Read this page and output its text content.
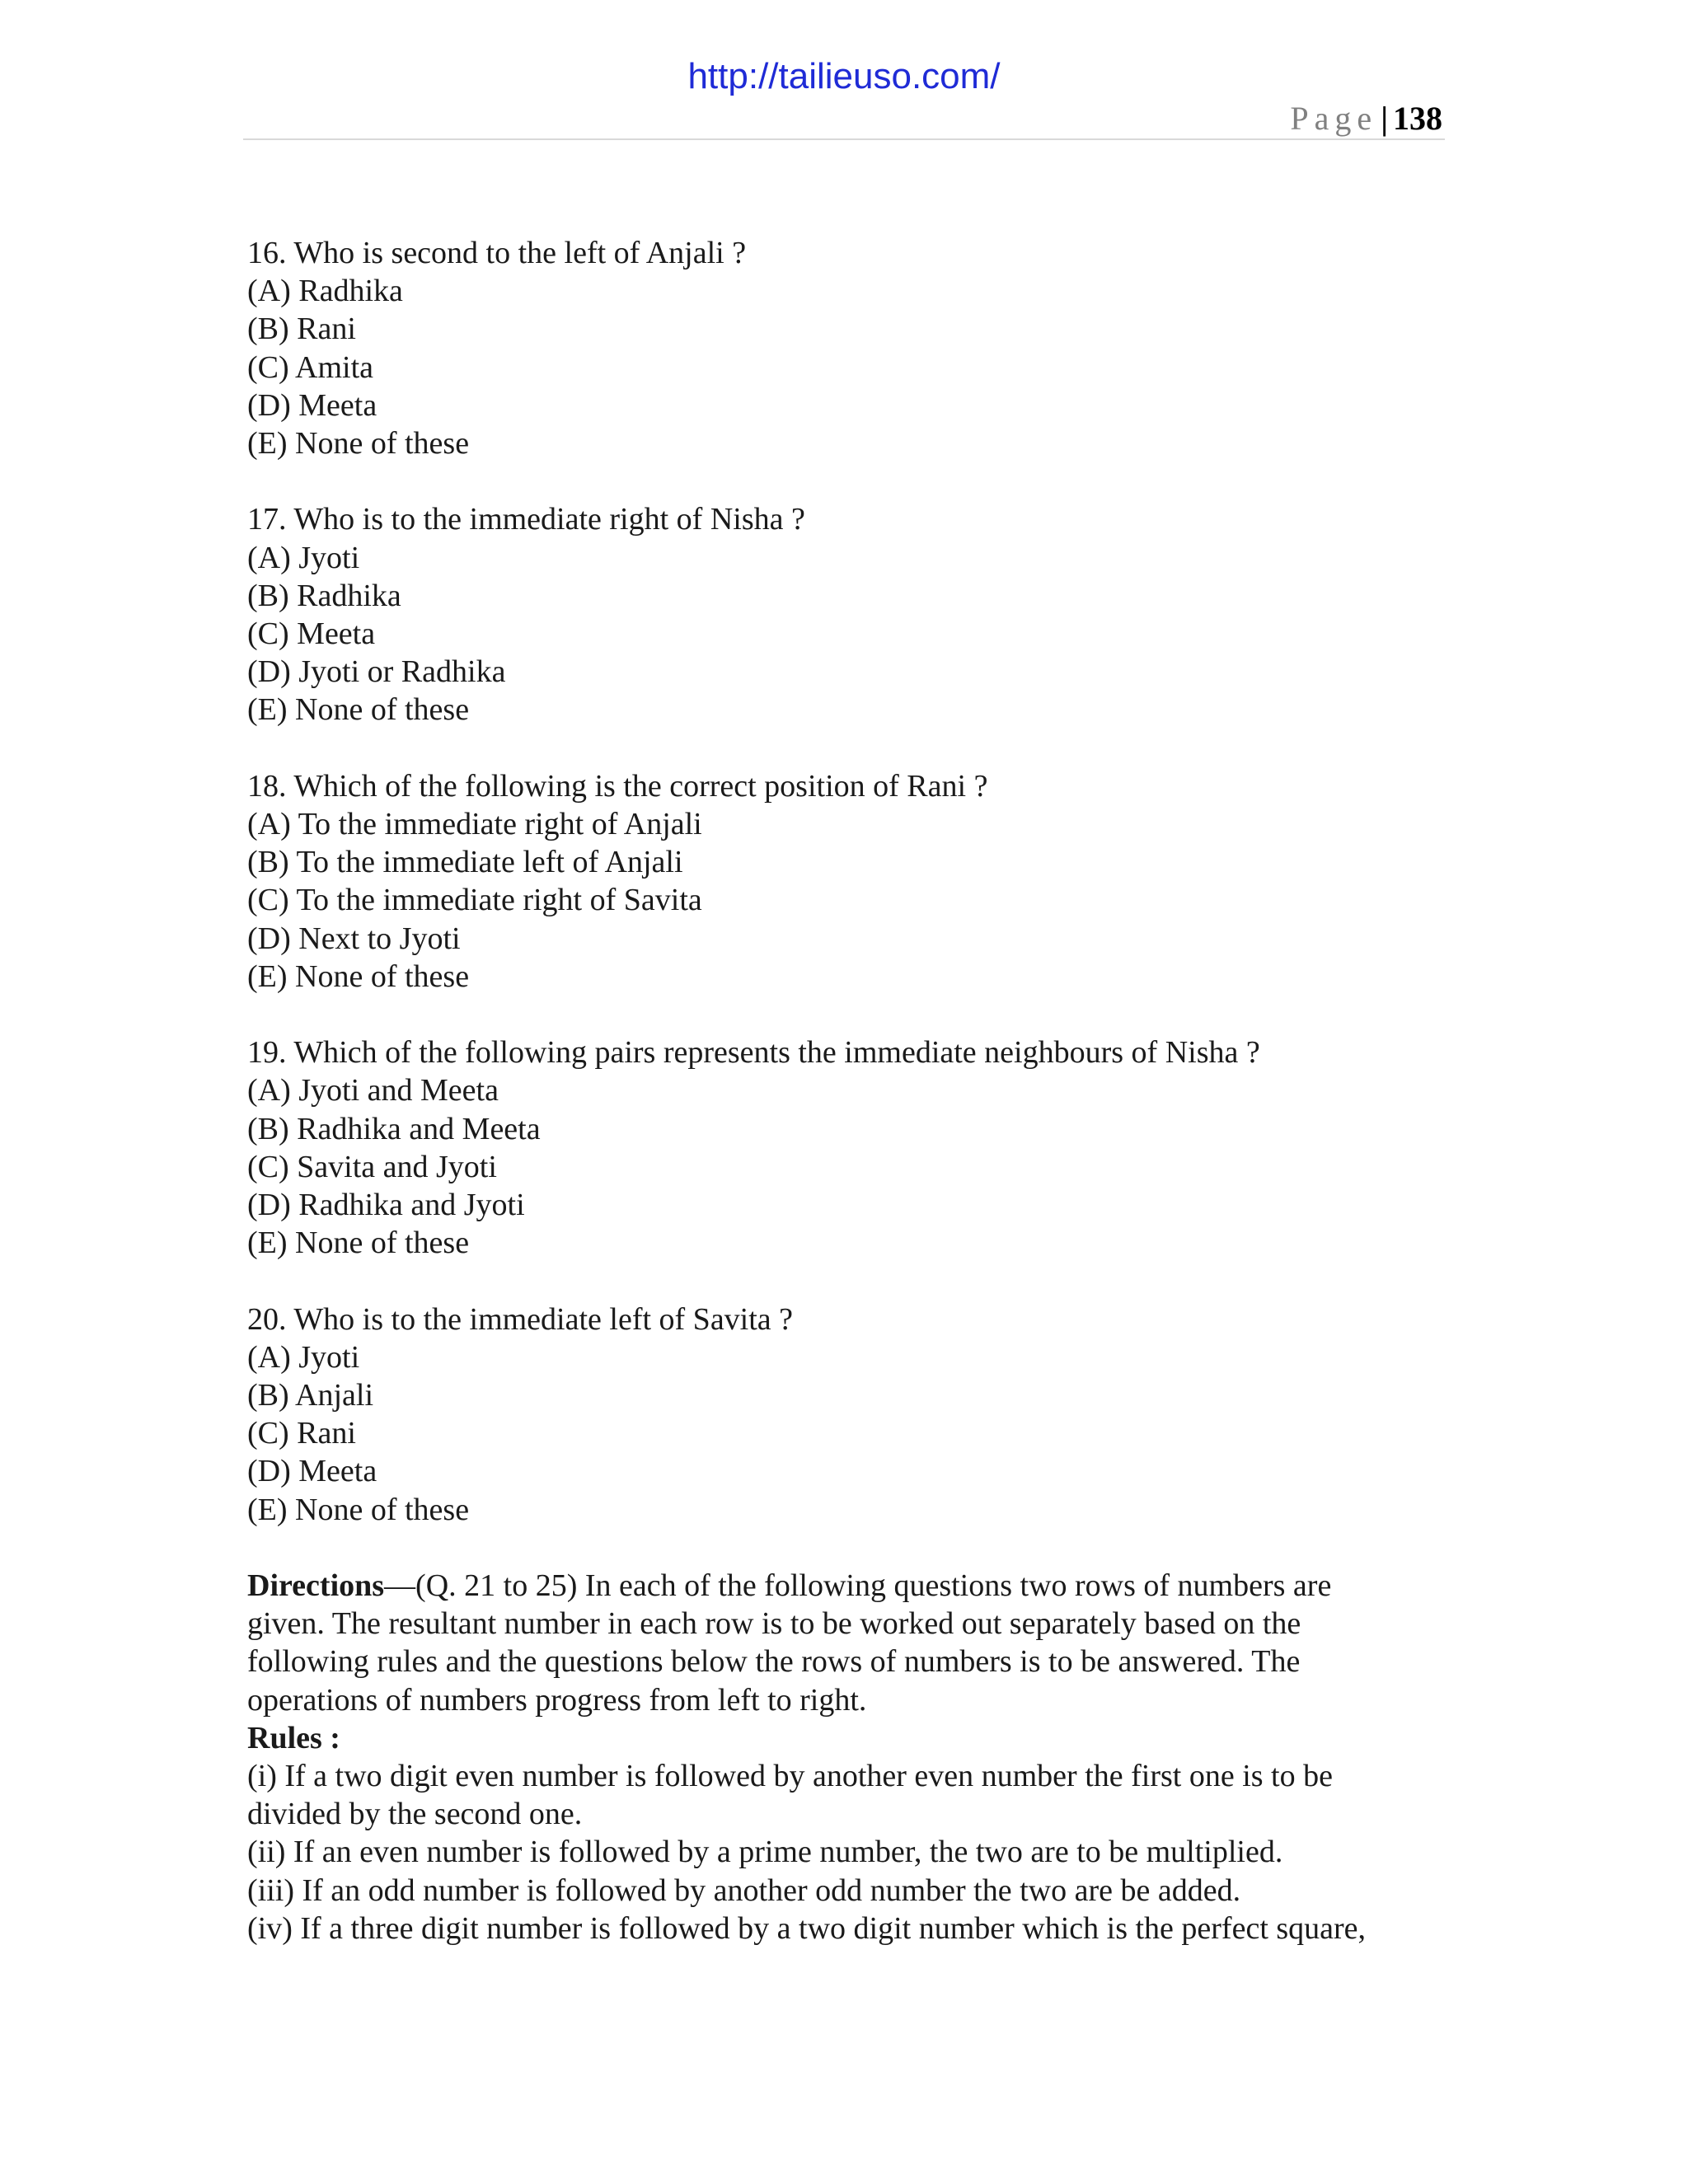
http://tailieuso.com/
Page | 138
16. Who is second to the left of Anjali ?
(A) Radhika
(B) Rani
(C) Amita
(D) Meeta
(E) None of these
17. Who is to the immediate right of Nisha ?
(A) Jyoti
(B) Radhika
(C) Meeta
(D) Jyoti or Radhika
(E) None of these
18. Which of the following is the correct position of Rani ?
(A) To the immediate right of Anjali
(B) To the immediate left of Anjali
(C) To the immediate right of Savita
(D) Next to Jyoti
(E) None of these
19. Which of the following pairs represents the immediate neighbours of Nisha ?
(A) Jyoti and Meeta
(B) Radhika and Meeta
(C) Savita and Jyoti
(D) Radhika and Jyoti
(E) None of these
20. Who is to the immediate left of Savita ?
(A) Jyoti
(B) Anjali
(C) Rani
(D) Meeta
(E) None of these
Directions—(Q. 21 to 25) In each of the following questions two rows of numbers are
given. The resultant number in each row is to be worked out separately based on the
following rules and the questions below the rows of numbers is to be answered. The
operations of numbers progress from left to right.
Rules :
(i) If a two digit even number is followed by another even number the first one is to be
divided by the second one.
(ii) If an even number is followed by a prime number, the two are to be multiplied.
(iii) If an odd number is followed by another odd number the two are be added.
(iv) If a three digit number is followed by a two digit number which is the perfect square,
